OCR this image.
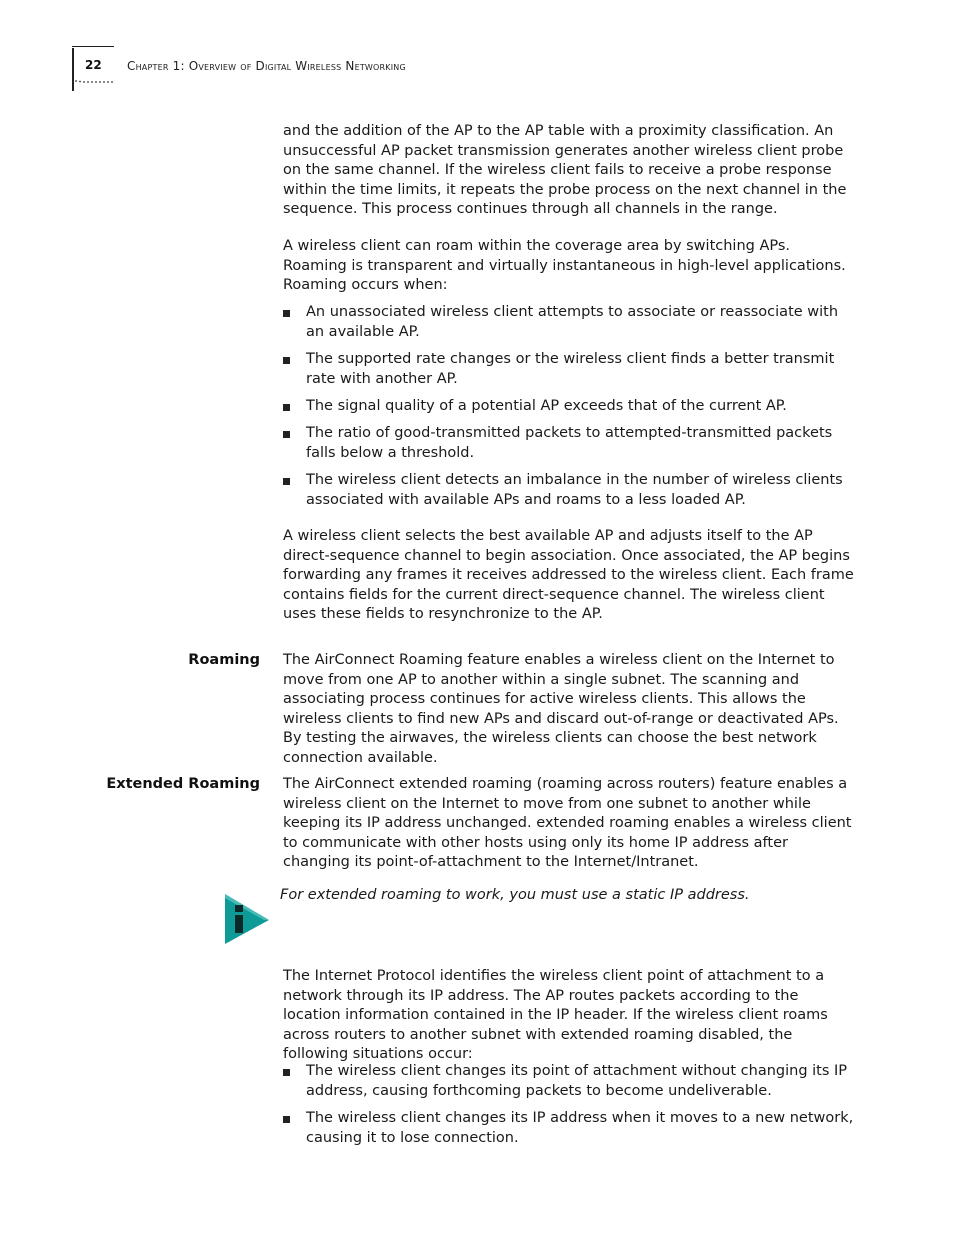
22 Chapter 1: Overview of Digital Wireless Networking

and the addition of the AP to the AP table with a proximity classification. An unsuccessful AP packet transmission generates another wireless client probe on the same channel. If the wireless client fails to receive a probe response within the time limits, it repeats the probe process on the next channel in the sequence. This process continues through all channels in the range.

A wireless client can roam within the coverage area by switching APs. Roaming is transparent and virtually instantaneous in high-level applications. Roaming occurs when:

An unassociated wireless client attempts to associate or reassociate with an available AP.
The supported rate changes or the wireless client finds a better transmit rate with another AP.
The signal quality of a potential AP exceeds that of the current AP.
The ratio of good-transmitted packets to attempted-transmitted packets falls below a threshold.
The wireless client detects an imbalance in the number of wireless clients associated with available APs and roams to a less loaded AP.

A wireless client selects the best available AP and adjusts itself to the AP direct-sequence channel to begin association. Once associated, the AP begins forwarding any frames it receives addressed to the wireless client. Each frame contains fields for the current direct-sequence channel. The wireless client uses these fields to resynchronize to the AP.

Roaming The AirConnect Roaming feature enables a wireless client on the Internet to move from one AP to another within a single subnet. The scanning and associating process continues for active wireless clients. This allows the wireless clients to find new APs and discard out-of-range or deactivated APs. By testing the airwaves, the wireless clients can choose the best network connection available.

Extended Roaming The AirConnect extended roaming (roaming across routers) feature enables a wireless client on the Internet to move from one subnet to another while keeping its IP address unchanged. extended roaming enables a wireless client to communicate with other hosts using only its home IP address after changing its point-of-attachment to the Internet/Intranet.

For extended roaming to work, you must use a static IP address.

The Internet Protocol identifies the wireless client point of attachment to a network through its IP address. The AP routes packets according to the location information contained in the IP header. If the wireless client roams across routers to another subnet with extended roaming disabled, the following situations occur:

The wireless client changes its point of attachment without changing its IP address, causing forthcoming packets to become undeliverable.
The wireless client changes its IP address when it moves to a new network, causing it to lose connection.
